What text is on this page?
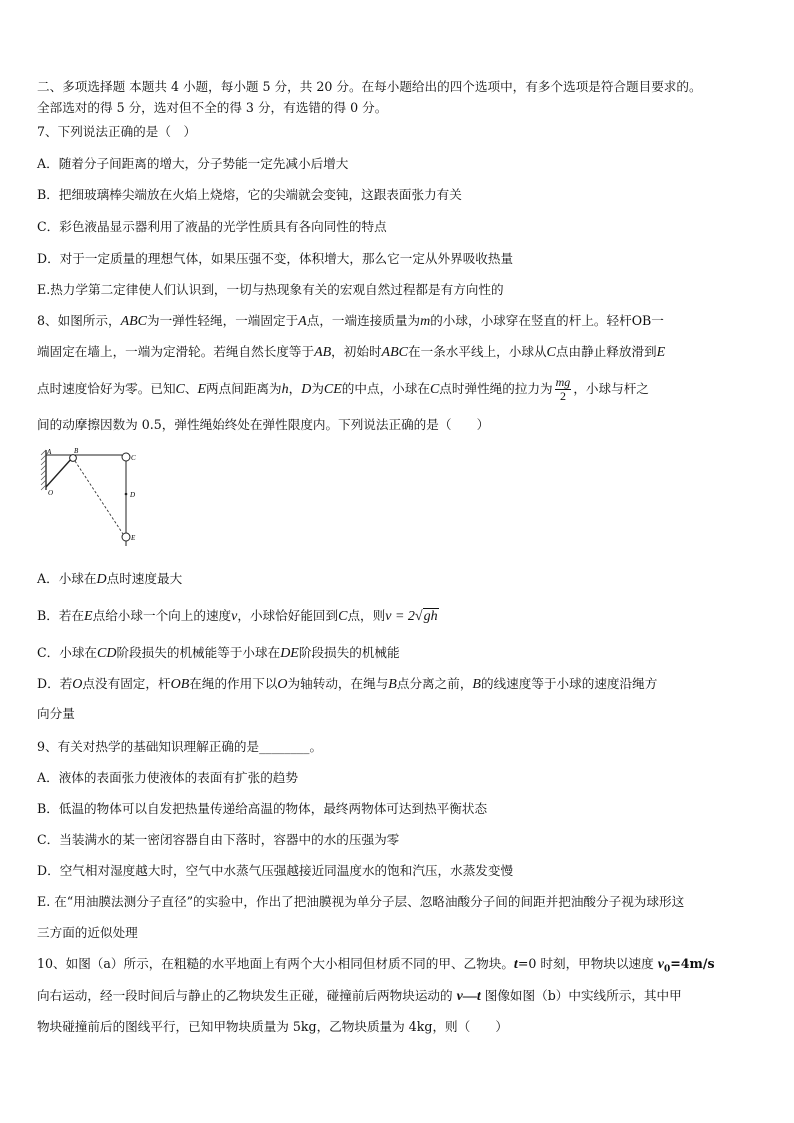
二、多项选择题 本题共 4 小题，每小题 5 分，共 20 分。在每小题给出的四个选项中，有多个选项是符合题目要求的。
全部选对的得 5 分，选对但不全的得 3 分，有选错的得 0 分。
7、下列说法正确的是（　）
A．随着分子间距离的增大，分子势能一定先减小后增大
B．把细玻璃棒尖端放在火焰上烧熔，它的尖端就会变钝，这跟表面张力有关
C．彩色液晶显示器利用了液晶的光学性质具有各向同性的特点
D．对于一定质量的理想气体，如果压强不变，体积增大，那么它一定从外界吸收热量
E.热力学第二定律使人们认识到，一切与热现象有关的宏观自然过程都是有方向性的
8、如图所示，ABC为一弹性轻绳，一端固定于A点，一端连接质量为m的小球，小球穿在竖直的杆上。轻杆OB一
端固定在墙上，一端为定滑轮。若绳自然长度等于AB，初始时ABC在一条水平线上，小球从C点由静止释放滑到E
点时速度恰好为零。已知C、E两点间距离为h，D为CE的中点，小球在C点时弹性绳的拉力为 $\frac{mg}{2}$ ，小球与杆之
间的动摩擦因数为 0.5，弹性绳始终处在弹性限度内。下列说法正确的是（　　）
A	B
C
D
E
O
A．小球在D点时速度最大
B．若在E点给小球一个向上的速度v，小球恰好能回到C点，则v = 2√gh
C．小球在CD阶段损失的机械能等于小球在DE阶段损失的机械能
D．若O点没有固定，杆OB在绳的作用下以O为轴转动，在绳与B点分离之前，B的线速度等于小球的速度沿绳方
向分量
9、有关对热学的基础知识理解正确的是________。
A．液体的表面张力使液体的表面有扩张的趋势
B．低温的物体可以自发把热量传递给高温的物体，最终两物体可达到热平衡状态
C．当装满水的某一密闭容器自由下落时，容器中的水的压强为零
D．空气相对湿度越大时，空气中水蒸气压强越接近同温度水的饱和汽压，水蒸发变慢
E. 在“用油膜法测分子直径”的实验中，作出了把油膜视为单分子层、忽略油酸分子间的间距并把油酸分子视为球形这
三方面的近似处理
10、如图（a）所示，在粗糙的水平地面上有两个大小相同但材质不同的甲、乙物块。t=0 时刻，甲物块以速度 $v_0=4m/s$
向右运动，经一段时间后与静止的乙物块发生正碰，碰撞前后两物块运动的 v—t 图像如图（b）中实线所示，其中甲
物块碰撞前后的图线平行，已知甲物块质量为 5kg，乙物块质量为 4kg，则（　　）
